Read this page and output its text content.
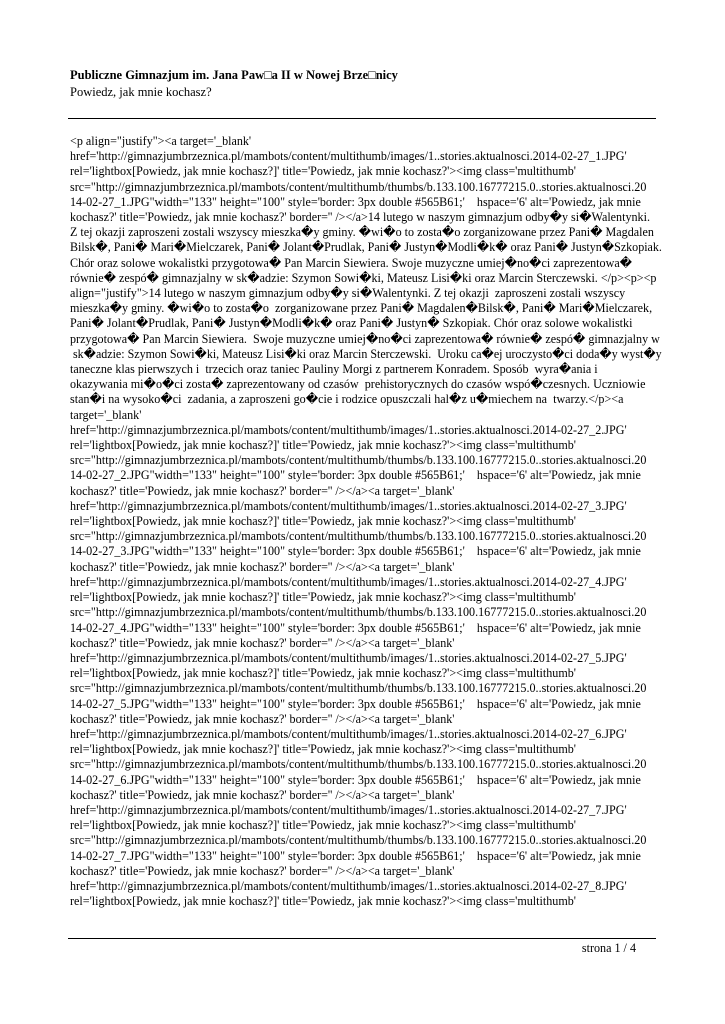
Publiczne Gimnazjum im. Jana Paw□a II w Nowej Brze□nicy

Powiedz, jak mnie kochasz?

<p align="justify"><a target='_blank'
href='http://gimnazjumbrzeznica.pl/mambots/content/multithumb/images/1..stories.aktualnosci.2014-02-27_1.JPG'
rel='lightbox[Powiedz, jak mnie kochasz?]' title='Powiedz, jak mnie kochasz?'><img class='multithumb'
src="http://gimnazjumbrzeznica.pl/mambots/content/multithumb/thumbs/b.133.100.16777215.0..stories.aktualnosci.20
14-02-27_1.JPG"width="133" height="100" style='border: 3px double #565B61;'    hspace='6' alt='Powiedz, jak mnie
kochasz?' title='Powiedz, jak mnie kochasz?' border='' /></a>14 lutego w naszym gimnazjum odby�y si�Walentynki.
Z tej okazji zaproszeni zostali wszyscy mieszka�y gminy. �wi�o to zosta�o zorganizowane przez Pani� Magdalen
Bilsk�, Pani� Mari�Mielczarek, Pani� Jolant�Prudlak, Pani� Justyn�Modli�k� oraz Pani� Justyn�Szkopiak.
Chór oraz solowe wokalistki przygotowa� Pan Marcin Siewiera. Swoje muzyczne umiej�no�ci zaprezentowa�
równie� zespó� gimnazjalny w sk�adzie: Szymon Sowi�ki, Mateusz Lisi�ki oraz Marcin Sterczewski. </p><p><p
align="justify">14 lutego w naszym gimnazjum odby�y si�Walentynki. Z tej okazji  zaproszeni zostali wszyscy
mieszka�y gminy. �wi�o to zosta�o  zorganizowane przez Pani� Magdalen�Bilsk�, Pani� Mari�Mielczarek,
Pani� Jolant�Prudlak, Pani� Justyn�Modli�k� oraz Pani� Justyn� Szkopiak. Chór oraz solowe wokalistki
przygotowa� Pan Marcin Siewiera.  Swoje muzyczne umiej�no�ci zaprezentowa� równie� zespó� gimnazjalny w
sk�adzie: Szymon Sowi�ki, Mateusz Lisi�ki oraz Marcin Sterczewski.  Uroku ca�ej uroczysto�ci doda�y wyst�y
taneczne klas pierwszych i  trzecich oraz taniec Pauliny Morgi z partnerem Konradem. Sposób  wyra�ania i
okazywania mi�o�ci zosta� zaprezentowany od czasów  prehistorycznych do czasów wspó�czesnych. Uczniowie
stan�i na wysoko�ci  zadania, a zaproszeni go�cie i rodzice opuszczali hal�z u�miechem na  twarzy.</p><a
target='_blank'
href='http://gimnazjumbrzeznica.pl/mambots/content/multithumb/images/1..stories.aktualnosci.2014-02-27_2.JPG'
rel='lightbox[Powiedz, jak mnie kochasz?]' title='Powiedz, jak mnie kochasz?'><img class='multithumb'
src="http://gimnazjumbrzeznica.pl/mambots/content/multithumb/thumbs/b.133.100.16777215.0..stories.aktualnosci.20
14-02-27_2.JPG"width="133" height="100" style='border: 3px double #565B61;'    hspace='6' alt='Powiedz, jak mnie
kochasz?' title='Powiedz, jak mnie kochasz?' border='' /></a><a target='_blank'
href='http://gimnazjumbrzeznica.pl/mambots/content/multithumb/images/1..stories.aktualnosci.2014-02-27_3.JPG'
rel='lightbox[Powiedz, jak mnie kochasz?]' title='Powiedz, jak mnie kochasz?'><img class='multithumb'
src="http://gimnazjumbrzeznica.pl/mambots/content/multithumb/thumbs/b.133.100.16777215.0..stories.aktualnosci.20
14-02-27_3.JPG"width="133" height="100" style='border: 3px double #565B61;'    hspace='6' alt='Powiedz, jak mnie
kochasz?' title='Powiedz, jak mnie kochasz?' border='' /></a><a target='_blank'
href='http://gimnazjumbrzeznica.pl/mambots/content/multithumb/images/1..stories.aktualnosci.2014-02-27_4.JPG'
rel='lightbox[Powiedz, jak mnie kochasz?]' title='Powiedz, jak mnie kochasz?'><img class='multithumb'
src="http://gimnazjumbrzeznica.pl/mambots/content/multithumb/thumbs/b.133.100.16777215.0..stories.aktualnosci.20
14-02-27_4.JPG"width="133" height="100" style='border: 3px double #565B61;'    hspace='6' alt='Powiedz, jak mnie
kochasz?' title='Powiedz, jak mnie kochasz?' border='' /></a><a target='_blank'
href='http://gimnazjumbrzeznica.pl/mambots/content/multithumb/images/1..stories.aktualnosci.2014-02-27_5.JPG'
rel='lightbox[Powiedz, jak mnie kochasz?]' title='Powiedz, jak mnie kochasz?'><img class='multithumb'
src="http://gimnazjumbrzeznica.pl/mambots/content/multithumb/thumbs/b.133.100.16777215.0..stories.aktualnosci.20
14-02-27_5.JPG"width="133" height="100" style='border: 3px double #565B61;'    hspace='6' alt='Powiedz, jak mnie
kochasz?' title='Powiedz, jak mnie kochasz?' border='' /></a><a target='_blank'
href='http://gimnazjumbrzeznica.pl/mambots/content/multithumb/images/1..stories.aktualnosci.2014-02-27_6.JPG'
rel='lightbox[Powiedz, jak mnie kochasz?]' title='Powiedz, jak mnie kochasz?'><img class='multithumb'
src="http://gimnazjumbrzeznica.pl/mambots/content/multithumb/thumbs/b.133.100.16777215.0..stories.aktualnosci.20
14-02-27_6.JPG"width="133" height="100" style='border: 3px double #565B61;'    hspace='6' alt='Powiedz, jak mnie
kochasz?' title='Powiedz, jak mnie kochasz?' border='' /></a><a target='_blank'
href='http://gimnazjumbrzeznica.pl/mambots/content/multithumb/images/1..stories.aktualnosci.2014-02-27_7.JPG'
rel='lightbox[Powiedz, jak mnie kochasz?]' title='Powiedz, jak mnie kochasz?'><img class='multithumb'
src="http://gimnazjumbrzeznica.pl/mambots/content/multithumb/thumbs/b.133.100.16777215.0..stories.aktualnosci.20
14-02-27_7.JPG"width="133" height="100" style='border: 3px double #565B61;'    hspace='6' alt='Powiedz, jak mnie
kochasz?' title='Powiedz, jak mnie kochasz?' border='' /></a><a target='_blank'
href='http://gimnazjumbrzeznica.pl/mambots/content/multithumb/images/1..stories.aktualnosci.2014-02-27_8.JPG'
rel='lightbox[Powiedz, jak mnie kochasz?]' title='Powiedz, jak mnie kochasz?'><img class='multithumb'
strona 1 / 4
